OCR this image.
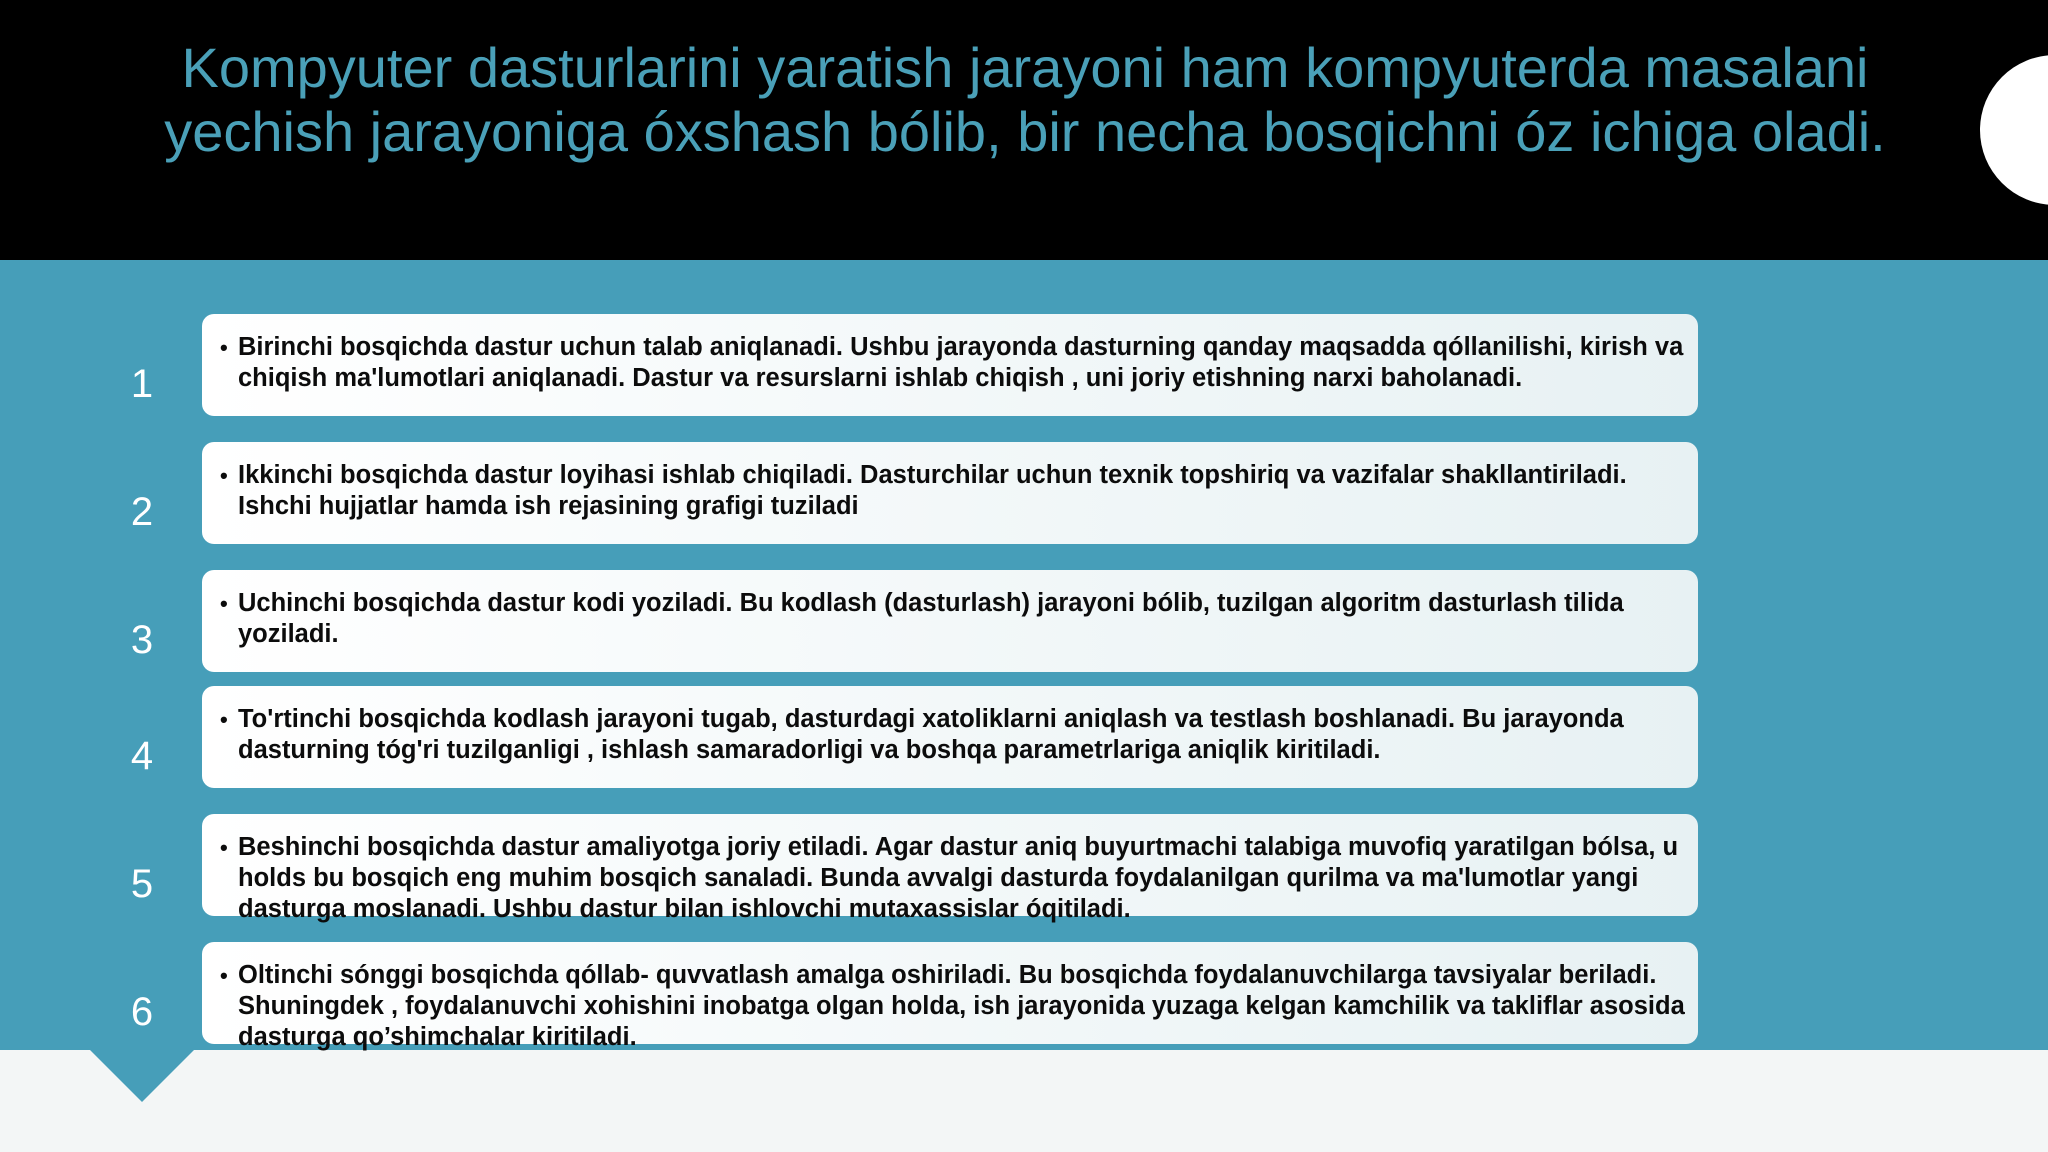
Kompyuter dasturlarini yaratish jarayoni ham kompyuterda masalani yechish jarayoniga óxshash bólib, bir necha bosqichni óz ichiga oladi.
1
• Birinchi bosqichda dastur uchun talab aniqlanadi. Ushbu jarayonda dasturning qanday maqsadda qóllanilishi, kirish va chiqish ma'lumotlari aniqlanadi. Dastur va resurslarni ishlab chiqish , uni joriy etishning narxi baholanadi.
2
• Ikkinchi bosqichda dastur loyihasi ishlab chiqiladi. Dasturchilar uchun texnik topshiriq va vazifalar shakllantiriladi. Ishchi hujjatlar hamda ish rejasining grafigi tuziladi
3
• Uchinchi bosqichda dastur kodi yoziladi. Bu kodlash (dasturlash) jarayoni bólib, tuzilgan algoritm dasturlash tilida yoziladi.
4
• To'rtinchi bosqichda kodlash jarayoni tugab, dasturdagi xatoliklarni aniqlash va testlash boshlanadi. Bu jarayonda dasturning tóg'ri tuzilganligi , ishlash samaradorligi va boshqa parametrlariga aniqlik kiritiladi.
5
• Beshinchi bosqichda dastur amaliyotga joriy etiladi. Agar dastur aniq buyurtmachi talabiga muvofiq yaratilgan bólsa, u holds bu bosqich eng muhim bosqich sanaladi. Bunda avvalgi dasturda foydalanilgan qurilma va ma'lumotlar yangi dasturga moslanadi. Ushbu dastur bilan ishlovchi mutaxassislar óqitiladi.
6
• Oltinchi sónggi bosqichda qóllab- quvvatlash amalga oshiriladi. Bu bosqichda foydalanuvchilarga tavsiyalar beriladi. Shuningdek , foydalanuvchi xohishini inobatga olgan holda, ish jarayonida yuzaga kelgan kamchilik va takliflar asosida dasturga qo’shimchalar kiritiladi.
